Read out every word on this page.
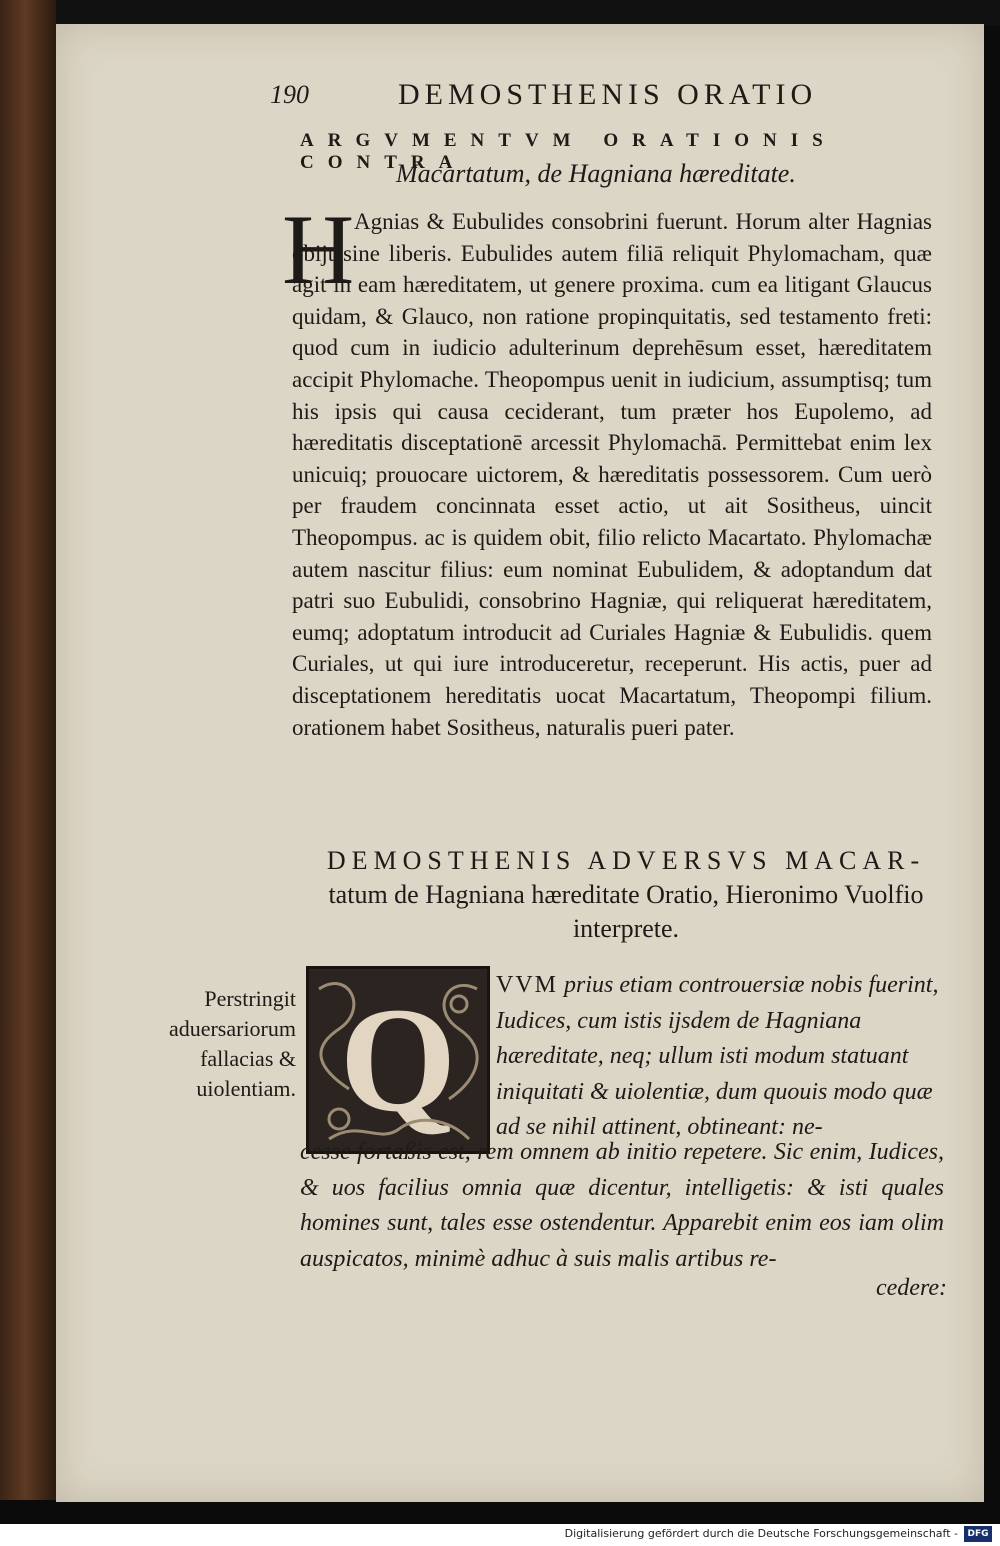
190	DEMOSTHENIS ORATIO
ARGVMENTVM ORATIONIS CONTRA
Macartatum, de Hagniana hæreditate.
H Agnias & Eubulides consobrini fuerunt. Horum alter Hagnias obijt sine liberis. Eubulides autem filiā reliquit Phylomacham, quæ agit in eam hæreditatem, ut genere proxima. cum ea litigant Glaucus quidam, & Glauco, non ratione propinquitatis, sed testamento freti: quod cum in iudicio adulterinum deprehēsum esset, hæreditatem accipit Phylomache. Theopompus uenit in iudicium, assumptisq; tum his ipsis qui causa ceciderant, tum præter hos Eupolemo, ad hæreditatis disceptationē arcessit Phylomachā. Permittebat enim lex unicuiq; prouocare uictorem, & hæreditatis possessorem. Cum uerò per fraudem concinnata esset actio, ut ait Sositheus, uincit Theopompus. ac is quidem obit, filio relicto Macartato. Phylomachæ autem nascitur filius: eum nominat Eubulidem, & adoptandum dat patri suo Eubulidi, consobrino Hagniæ, qui reliquerat hæreditatem, eumq; adoptatum introducit ad Curiales Hagniæ & Eubulidis. quem Curiales, ut qui iure introduceretur, receperunt. His actis, puer ad disceptationem hereditatis uocat Macartatum, Theopompi filium. orationem habet Sositheus, naturalis pueri pater.
DEMOSTHENIS ADVERSVS MACAR-
tatum de Hagniana hæreditate Oratio, Hieronimo Vuolfio interprete.
Perstringit aduersariorum fallacias & uiolentiam. Q VVM prius etiam controuersiæ nobis fuerint, Iudices, cum istis ijsdem de Hagniana hæreditate, neq; ullum isti modum statuant iniquitati & uiolentiæ, dum quouis modo quæ ad se nihil attinent, obtineant: ne-
cesse fortaßis est, rem omnem ab initio repetere. Sic enim, Iudices, & uos facilius omnia quæ dicentur, intelligetis: & isti quales homines sunt, tales esse ostendentur. Apparebit enim eos iam olim auspicatos, minimè adhuc à suis malis artibus re-
cedere:
Digitalisierung gefördert durch die Deutsche Forschungsgemeinschaft -	DFG
